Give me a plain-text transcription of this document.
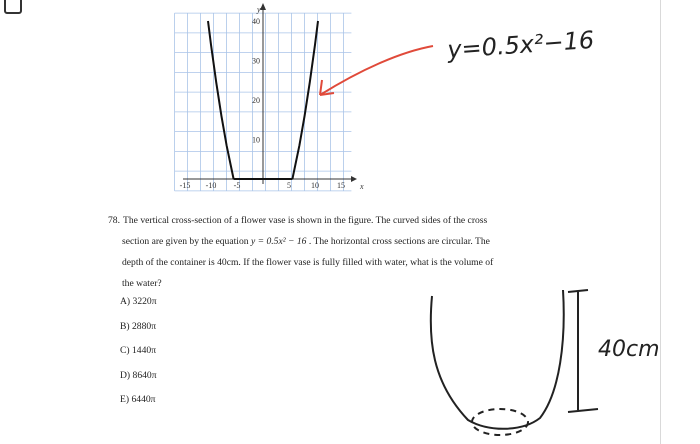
-15 -10 -5	5	10 15
10
20
30
40
y
x
78. The vertical cross-section of a flower vase is shown in the figure. The curved sides of the cross
section are given by the equation y = 0.5x² − 16 . The horizontal cross sections are circular. The
depth of the container is 40cm. If the flower vase is fully filled with water, what is the volume of
the water?
A) 3220π
B) 2880π
C) 1440π
D) 8640π
E) 6440π
y=0.5x²−16
40cm
